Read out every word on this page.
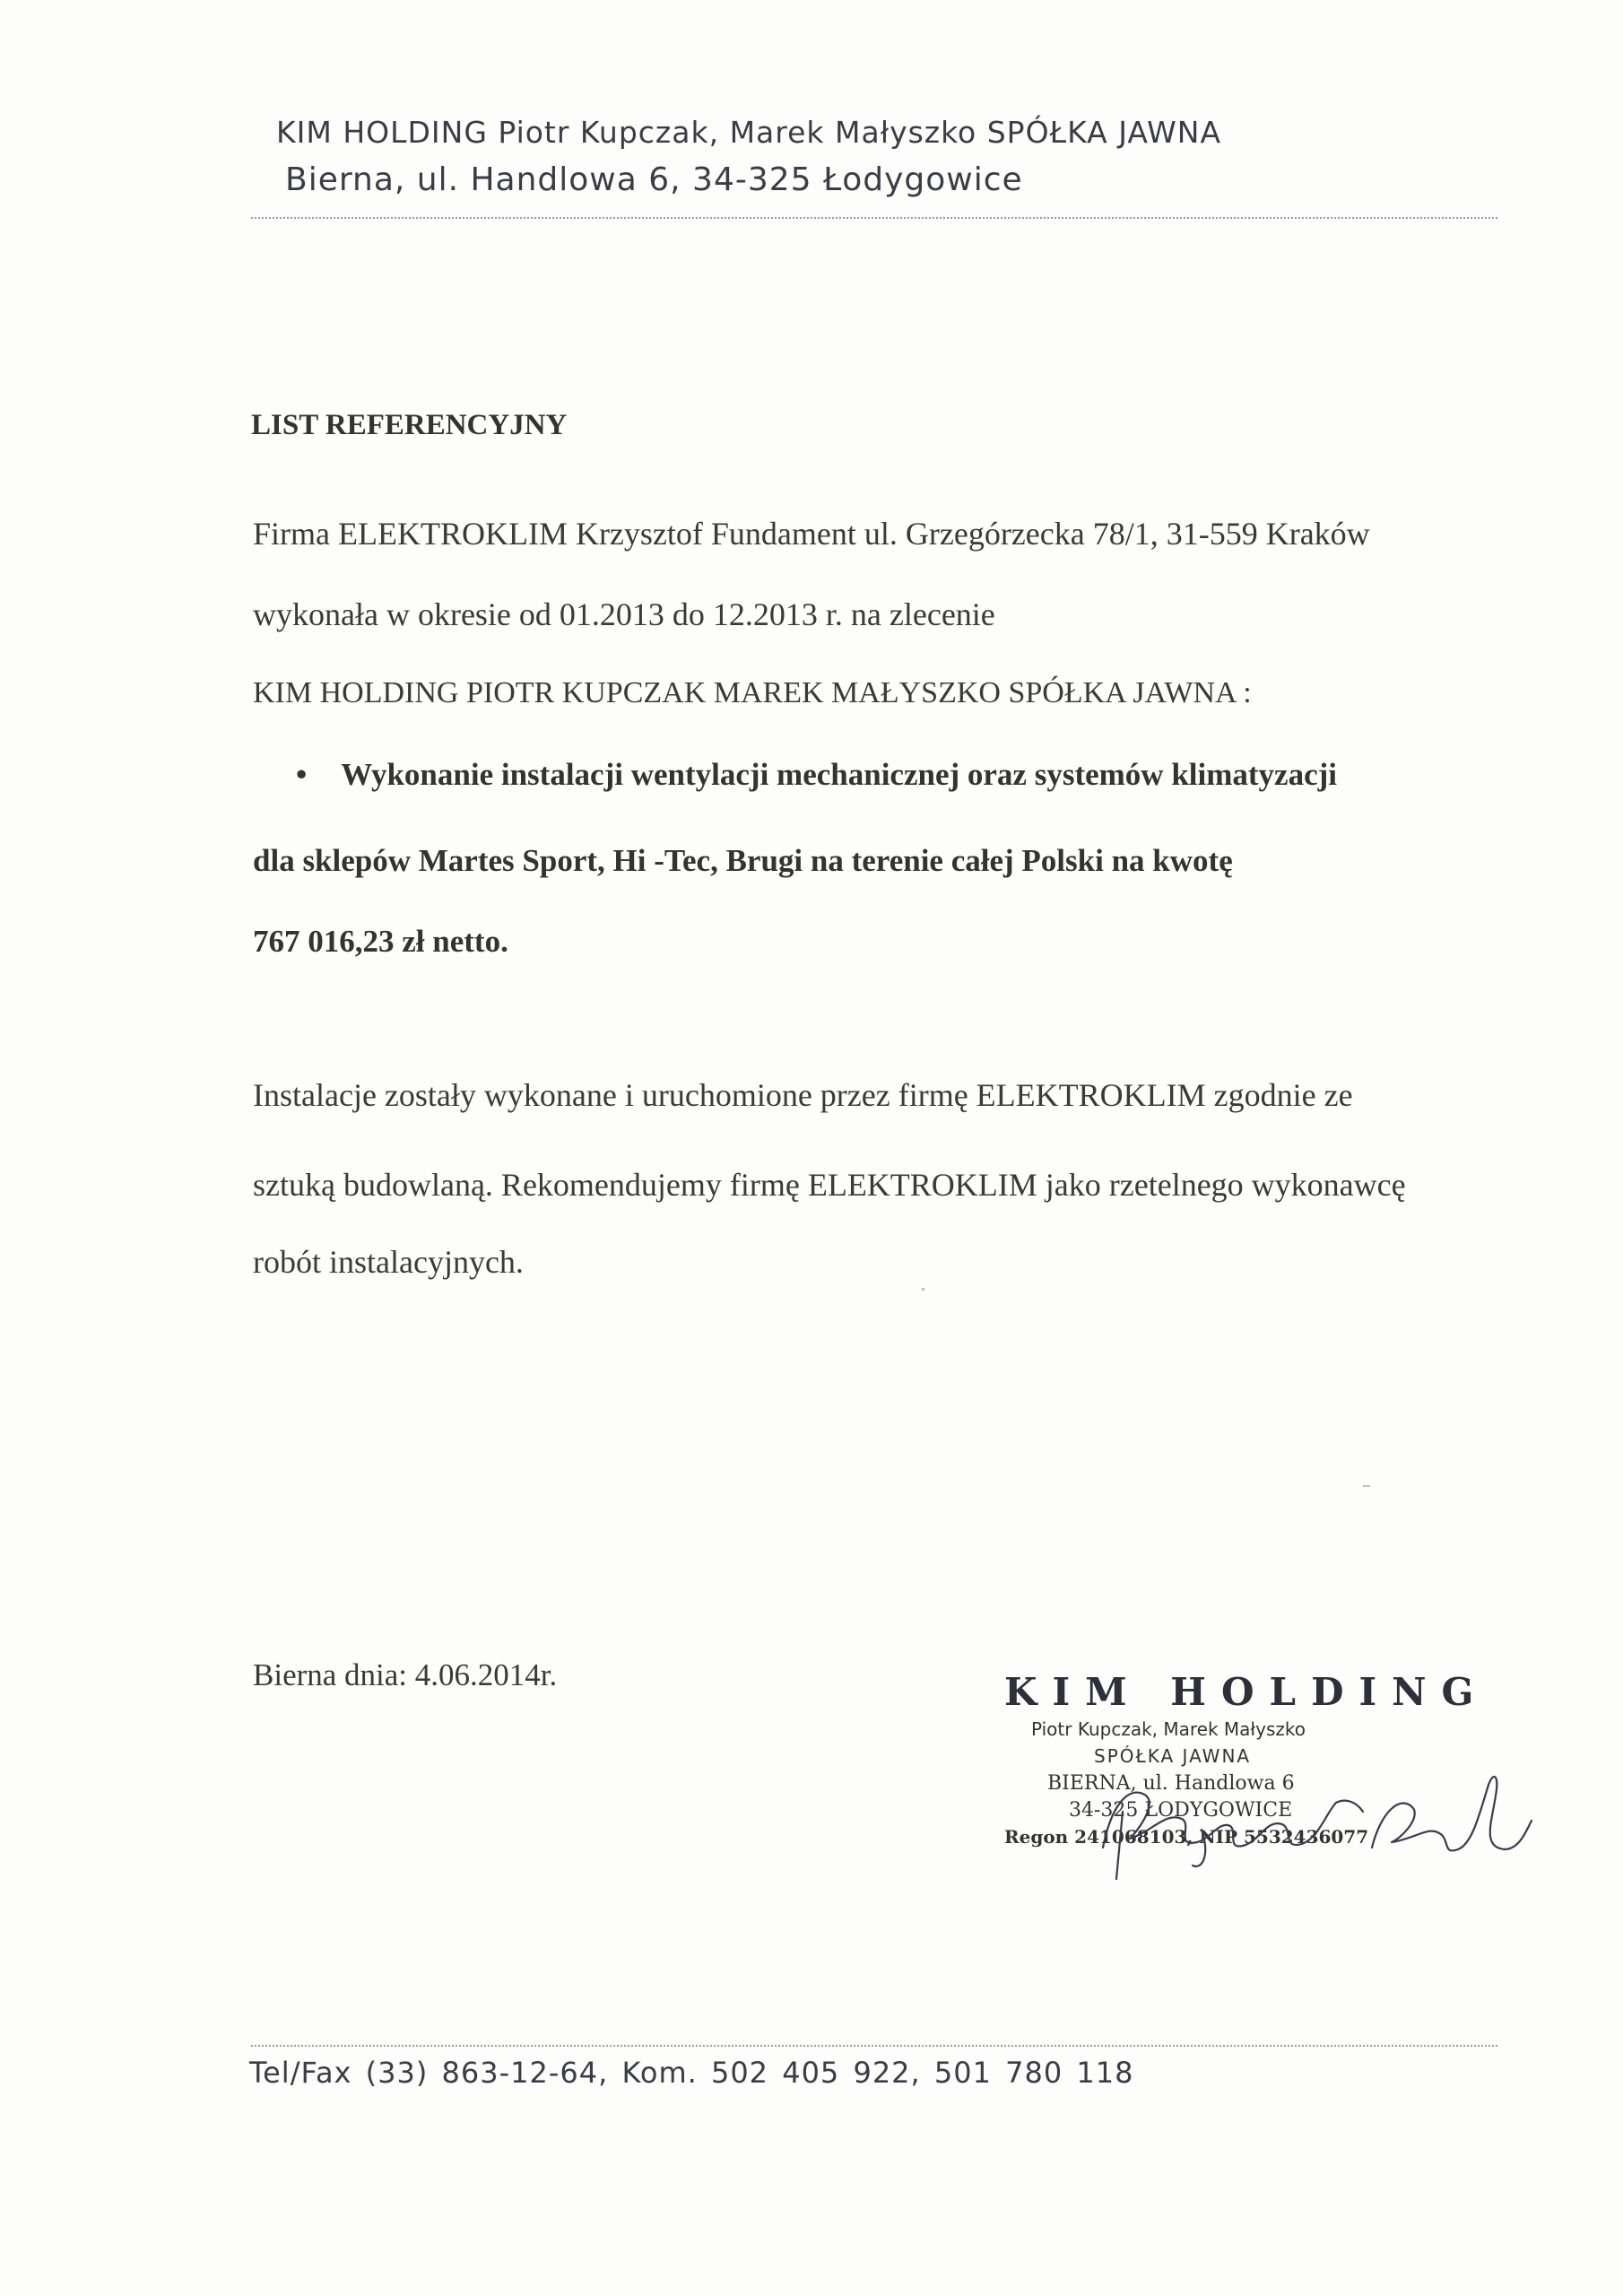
KIM HOLDING Piotr Kupczak, Marek Małyszko SPÓŁKA JAWNA
Bierna, ul. Handlowa 6, 34-325 Łodygowice
LIST REFERENCYJNY
Firma ELEKTROKLIM Krzysztof Fundament ul. Grzegórzecka 78/1, 31-559 Kraków
wykonała w okresie od 01.2013 do 12.2013 r. na zlecenie
KIM HOLDING PIOTR KUPCZAK MAREK MAŁYSZKO SPÓŁKA JAWNA :
• Wykonanie instalacji wentylacji mechanicznej oraz systemów klimatyzacji
dla sklepów Martes Sport, Hi -Tec, Brugi na terenie całej Polski na kwotę
767 016,23 zł netto.
Instalacje zostały wykonane i uruchomione przez firmę ELEKTROKLIM zgodnie ze
sztuką budowlaną. Rekomendujemy firmę ELEKTROKLIM jako rzetelnego wykonawcę
robót instalacyjnych.
Bierna dnia: 4.06.2014r.	KIM HOLDING
Piotr Kupczak, Marek Małyszko
SPÓŁKA JAWNA
BIERNA, ul. Handlowa 6
34-325 ŁODYGOWICE
Regon 241068103, NIP 5532436077
Tel/Fax (33) 863-12-64, Kom. 502 405 922, 501 780 118
